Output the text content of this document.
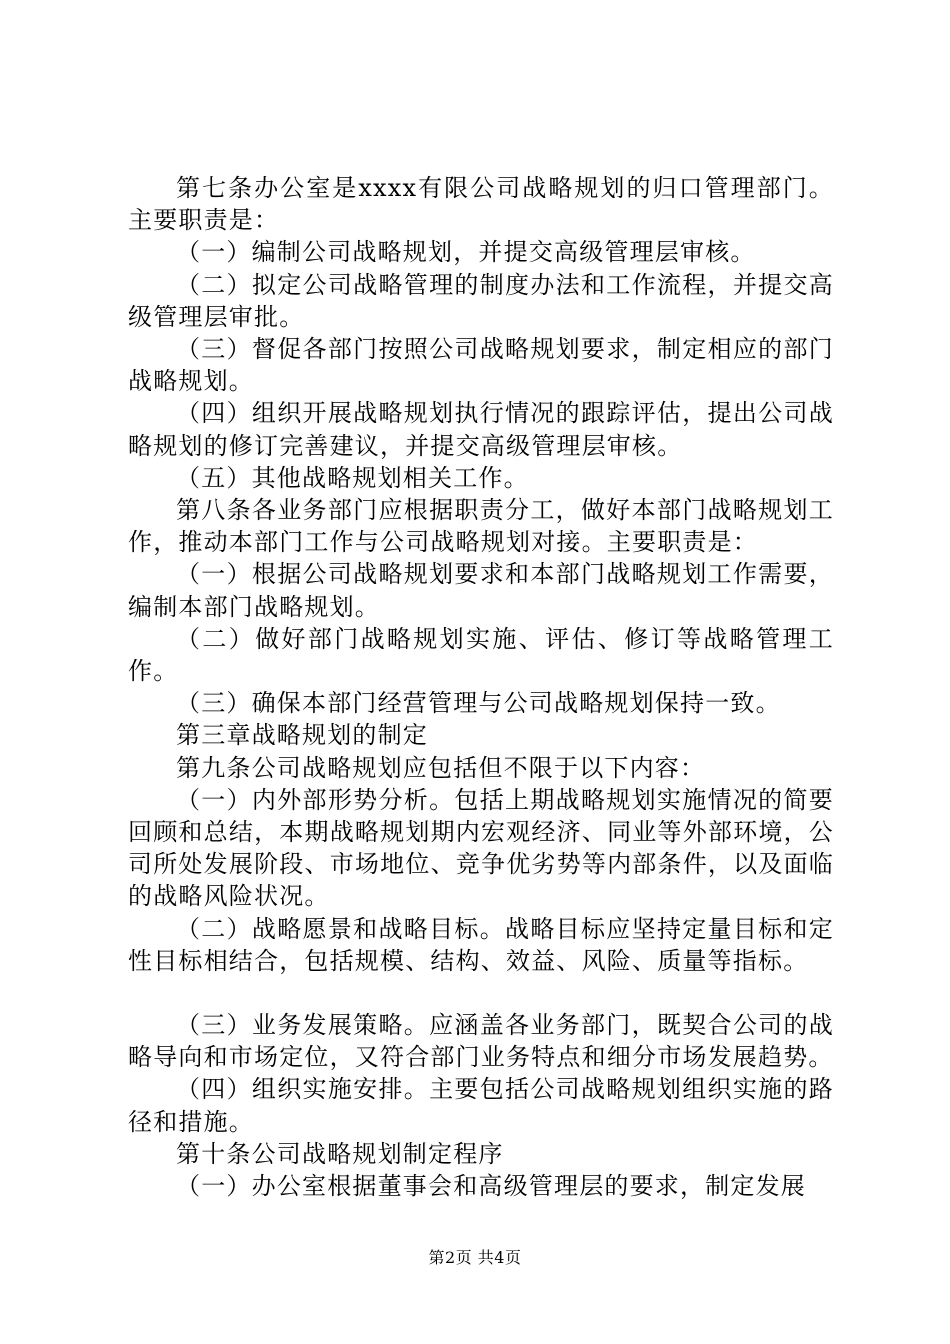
第七条办公室是xxxx有限公司战略规划的归口管理部门。主要职责是：

（一）编制公司战略规划，并提交高级管理层审核。

（二）拟定公司战略管理的制度办法和工作流程，并提交高级管理层审批。

（三）督促各部门按照公司战略规划要求，制定相应的部门战略规划。

（四）组织开展战略规划执行情况的跟踪评估，提出公司战略规划的修订完善建议，并提交高级管理层审核。

（五）其他战略规划相关工作。

第八条各业务部门应根据职责分工，做好本部门战略规划工作，推动本部门工作与公司战略规划对接。主要职责是：

（一）根据公司战略规划要求和本部门战略规划工作需要，编制本部门战略规划。

（二）做好部门战略规划实施、评估、修订等战略管理工作。

（三）确保本部门经营管理与公司战略规划保持一致。

第三章战略规划的制定

第九条公司战略规划应包括但不限于以下内容：

（一）内外部形势分析。包括上期战略规划实施情况的简要回顾和总结，本期战略规划期内宏观经济、同业等外部环境，公司所处发展阶段、市场地位、竞争优劣势等内部条件，以及面临的战略风险状况。

（二）战略愿景和战略目标。战略目标应坚持定量目标和定性目标相结合，包括规模、结构、效益、风险、质量等指标。

（三）业务发展策略。应涵盖各业务部门，既契合公司的战略导向和市场定位，又符合部门业务特点和细分市场发展趋势。

（四）组织实施安排。主要包括公司战略规划组织实施的路径和措施。

第十条公司战略规划制定程序

（一）办公室根据董事会和高级管理层的要求，制定发展

第2页 共4页
